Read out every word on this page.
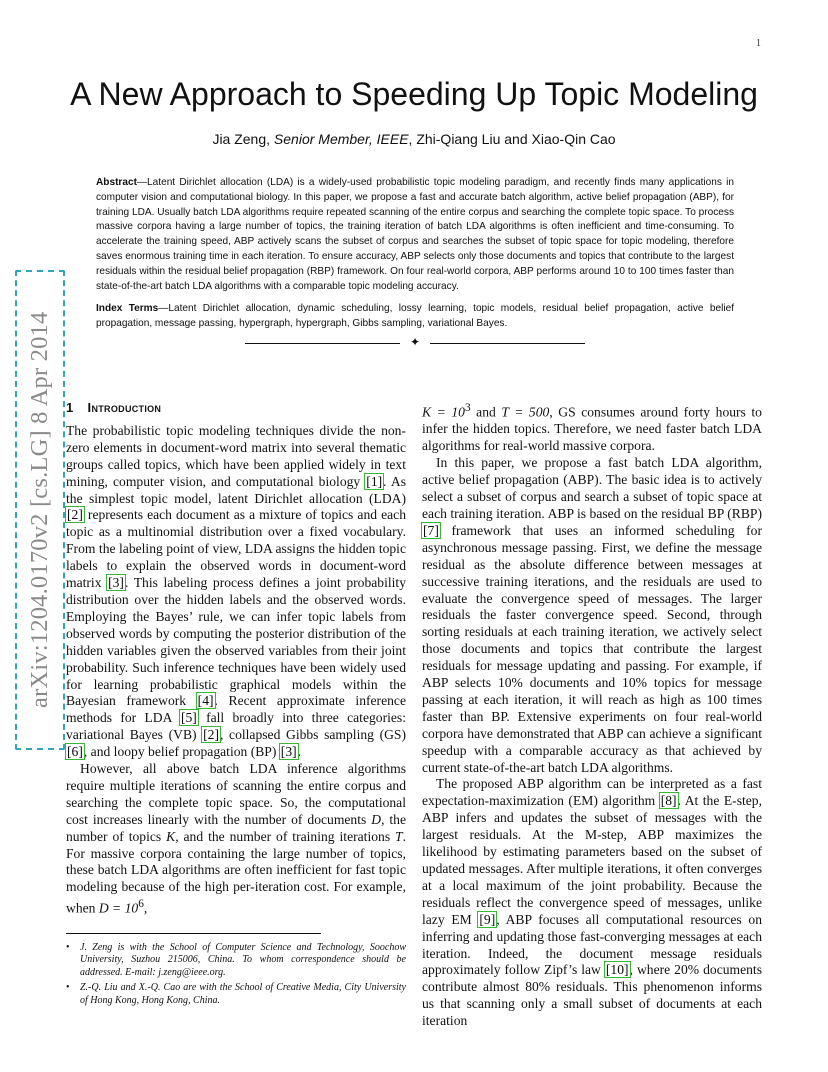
1
arXiv:1204.0170v2 [cs.LG] 8 Apr 2014
A New Approach to Speeding Up Topic Modeling
Jia Zeng, Senior Member, IEEE, Zhi-Qiang Liu and Xiao-Qin Cao

Abstract—Latent Dirichlet allocation (LDA) is a widely-used probabilistic topic modeling paradigm, and recently finds many applications in computer vision and computational biology. In this paper, we propose a fast and accurate batch algorithm, active belief propagation (ABP), for training LDA. Usually batch LDA algorithms require repeated scanning of the entire corpus and searching the complete topic space. To process massive corpora having a large number of topics, the training iteration of batch LDA algorithms is often inefficient and time-consuming. To accelerate the training speed, ABP actively scans the subset of corpus and searches the subset of topic space for topic modeling, therefore saves enormous training time in each iteration. To ensure accuracy, ABP selects only those documents and topics that contribute to the largest residuals within the residual belief propagation (RBP) framework. On four real-world corpora, ABP performs around 10 to 100 times faster than state-of-the-art batch LDA algorithms with a comparable topic modeling accuracy.

Index Terms—Latent Dirichlet allocation, dynamic scheduling, lossy learning, topic models, residual belief propagation, active belief propagation, message passing, hypergraph, hypergraph, Gibbs sampling, variational Bayes.

✦
1 Introduction

The probabilistic topic modeling techniques divide the non-zero elements in document-word matrix into several thematic groups called topics, which have been applied widely in text mining, computer vision, and computational biology [1]. As the simplest topic model, latent Dirichlet allocation (LDA) [2] represents each document as a mixture of topics and each topic as a multinomial distribution over a fixed vocabulary. From the labeling point of view, LDA assigns the hidden topic labels to explain the observed words in document-word matrix [3]. This labeling process defines a joint probability distribution over the hidden labels and the observed words. Employing the Bayes’ rule, we can infer topic labels from observed words by computing the posterior distribution of the hidden variables given the observed variables from their joint probability. Such inference techniques have been widely used for learning probabilistic graphical models within the Bayesian framework [4]. Recent approximate inference methods for LDA [5] fall broadly into three categories: variational Bayes (VB) [2], collapsed Gibbs sampling (GS) [6], and loopy belief propagation (BP) [3].

However, all above batch LDA inference algorithms require multiple iterations of scanning the entire corpus and searching the complete topic space. So, the computational cost increases linearly with the number of documents D, the number of topics K, and the number of training iterations T. For massive corpora containing the large number of topics, these batch LDA algorithms are often inefficient for fast topic modeling because of the high per-iteration cost. For example, when $D = 10^6$,

• J. Zeng is with the School of Computer Science and Technology, Soochow University, Suzhou 215006, China. To whom correspondence should be addressed. E-mail: j.zeng@ieee.org.
• Z.-Q. Liu and X.-Q. Cao are with the School of Creative Media, City University of Hong Kong, Hong Kong, China.

$K = 10^3$ and T = 500, GS consumes around forty hours to infer the hidden topics. Therefore, we need faster batch LDA algorithms for real-world massive corpora.

In this paper, we propose a fast batch LDA algorithm, active belief propagation (ABP). The basic idea is to actively select a subset of corpus and search a subset of topic space at each training iteration. ABP is based on the residual BP (RBP) [7] framework that uses an informed scheduling for asynchronous message passing. First, we define the message residual as the absolute difference between messages at successive training iterations, and the residuals are used to evaluate the convergence speed of messages. The larger residuals the faster convergence speed. Second, through sorting residuals at each training iteration, we actively select those documents and topics that contribute the largest residuals for message updating and passing. For example, if ABP selects 10% documents and 10% topics for message passing at each iteration, it will reach as high as 100 times faster than BP. Extensive experiments on four real-world corpora have demonstrated that ABP can achieve a significant speedup with a comparable accuracy as that achieved by current state-of-the-art batch LDA algorithms.

The proposed ABP algorithm can be interpreted as a fast expectation-maximization (EM) algorithm [8]. At the E-step, ABP infers and updates the subset of messages with the largest residuals. At the M-step, ABP maximizes the likelihood by estimating parameters based on the subset of updated messages. After multiple iterations, it often converges at a local maximum of the joint probability. Because the residuals reflect the convergence speed of messages, unlike lazy EM [9], ABP focuses all computational resources on inferring and updating those fast-converging messages at each iteration. Indeed, the document message residuals approximately follow Zipf’s law [10], where 20% documents contribute almost 80% residuals. This phenomenon informs us that scanning only a small subset of documents at each iteration
